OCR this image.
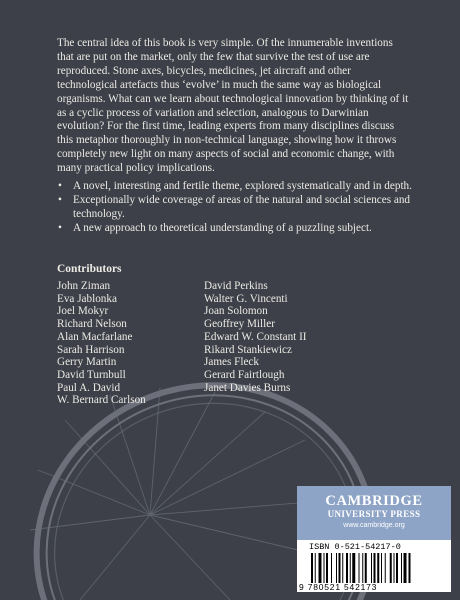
The central idea of this book is very simple. Of the innumerable inventions that are put on the market, only the few that survive the test of use are reproduced. Stone axes, bicycles, medicines, jet aircraft and other technological artefacts thus ‘evolve’ in much the same way as biological organisms. What can we learn about technological innovation by thinking of it as a cyclic process of variation and selection, analogous to Darwinian evolution? For the first time, leading experts from many disciplines discuss this metaphor thoroughly in non-technical language, showing how it throws completely new light on many aspects of social and economic change, with many practical policy implications.

• A novel, interesting and fertile theme, explored systematically and in depth.
• Exceptionally wide coverage of areas of the natural and social sciences and technology.
• A new approach to theoretical understanding of a puzzling subject.
Contributors
John Ziman
Eva Jablonka
Joel Mokyr
Richard Nelson
Alan Macfarlane
Sarah Harrison
Gerry Martin
David Turnbull
Paul A. David
W. Bernard Carlson
David Perkins
Walter G. Vincenti
Joan Solomon
Geoffrey Miller
Edward W. Constant II
Rikard Stankiewicz
James Fleck
Gerard Fairtlough
Janet Davies Burns
CAMBRIDGE
UNIVERSITY PRESS
www.cambridge.org
ISBN 0-521-54217-0
9 780521 542173
